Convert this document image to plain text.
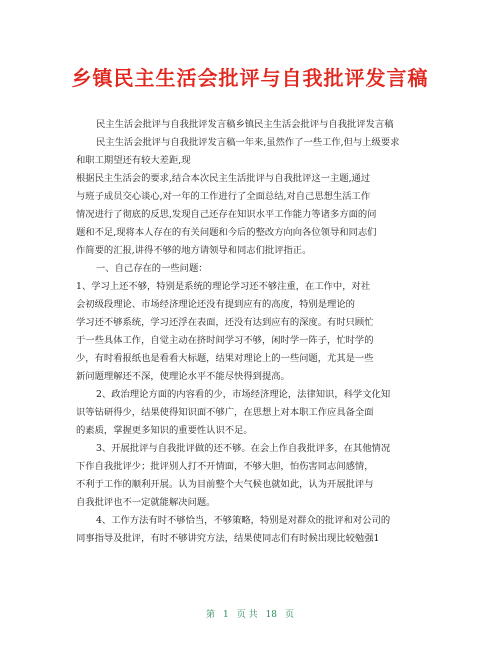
乡镇民主生活会批评与自我批评发言稿
民主生活会批评与自我批评发言稿乡镇民主生活会批评与自我批评发言稿
民主生活会批评与自我批评发言稿一年来,虽然作了一些工作,但与上级要求
和职工期望还有较大差距,现
根据民主生活会的要求,结合本次民主生活批评与自我批评这一主题,通过
与班子成员交心谈心,对一年的工作进行了全面总结,对自己思想生活工作
情况进行了彻底的反思,发现自己还存在知识水平工作能力等诸多方面的问
题和不足,现将本人存在的有关问题和今后的整改方向向各位领导和同志们
作简要的汇报,讲得不够的地方请领导和同志们批评指正。
一、自己存在的一些问题：
1、学习上还不够，特别是系统的理论学习还不够注重，在工作中，对社
会初级段理论、市场经济理论还没有提到应有的高度，特别是理论的
学习还不够系统，学习还浮在表面，还没有达到应有的深度。有时只顾忙
于一些具体工作，自觉主动在挤时间学习不够，闲时学一阵子，忙时学的
少，有时看报纸也是看看大标题，结果对理论上的一些问题，尤其是一些
新问题理解还不深，使理论水平不能尽快得到提高。
2、政治理论方面的内容看的少，市场经济理论，法律知识，科学文化知
识等钻研得少，结果使得知识面不够广，在思想上对本职工作应具备全面
的素质，掌握更多知识的重要性认识不足。
3、开展批评与自我批评做的还不够。在会上作自我批评多，在其他情况
下作自我批评少；批评别人打不开情面，不够大胆，怕伤害同志间感情，
不利于工作的顺利开展。认为目前整个大气候也就如此，认为开展批评与
自我批评也不一定就能解决问题。
4、工作方法有时不够恰当，不够策略，特别是对群众的批评和对公司的
同事指导及批评，有时不够讲究方法，结果使同志们有时候出现比较勉强1
第 1 页 共 18 页
